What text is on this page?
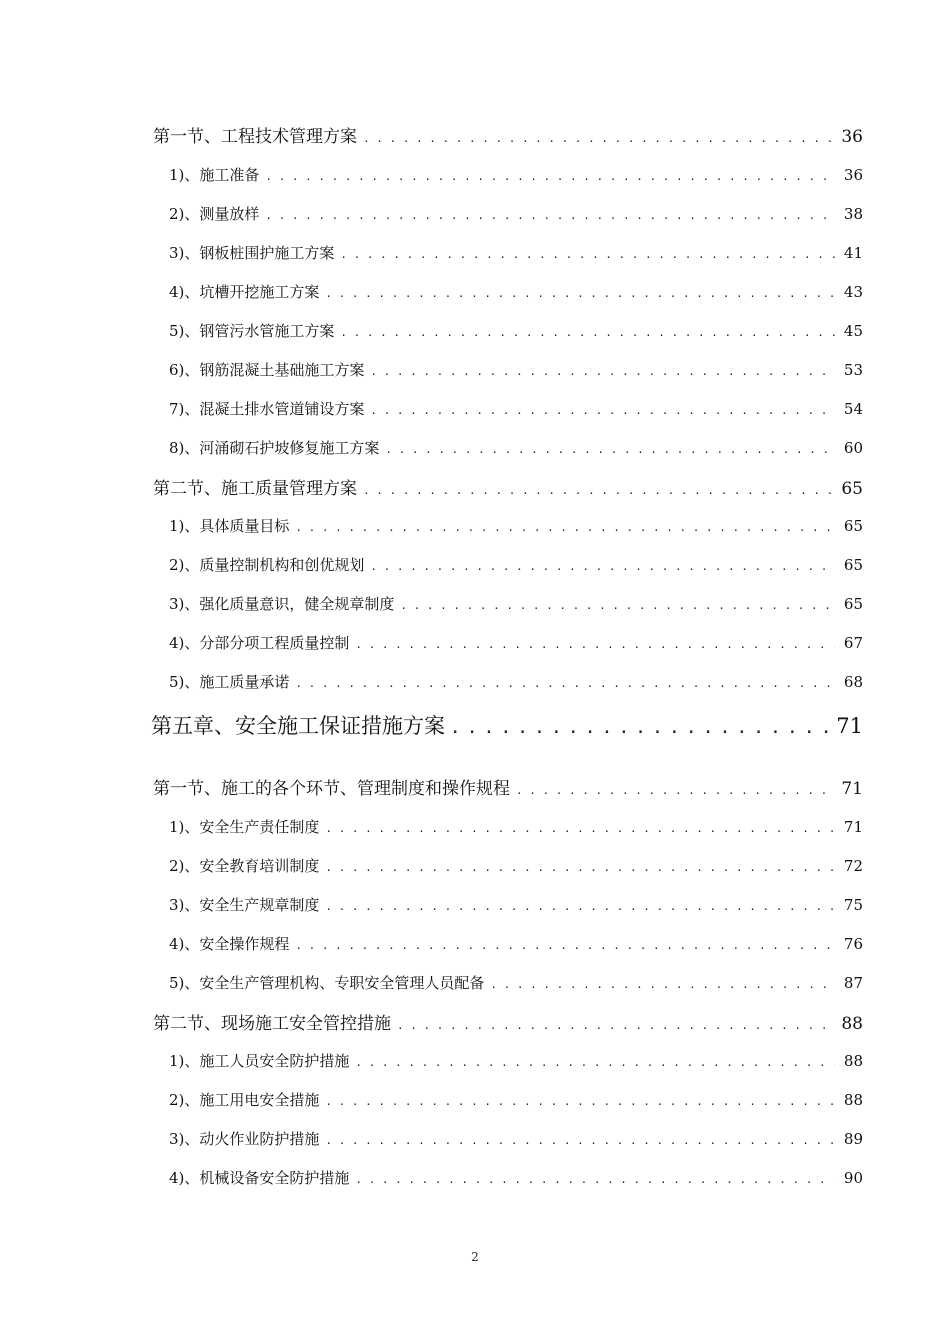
第一节、工程技术管理方案 . . .	36
1)、施工准备 . . .	36
2)、测量放样 . . .	38
3)、钢板桩围护施工方案 . . .	41
4)、坑槽开挖施工方案 . . .	43
5)、钢管污水管施工方案 . . .	45
6)、钢筋混凝土基础施工方案 . . .	53
7)、混凝土排水管道铺设方案 . . .	54
8)、河涌砌石护坡修复施工方案 . . .	60
第二节、施工质量管理方案 . . .	65
1)、具体质量目标 . . .	65
2)、质量控制机构和创优规划 . . .	65
3)、强化质量意识，健全规章制度 . . .	65
4)、分部分项工程质量控制 . . .	67
5)、施工质量承诺 . . .	68
第五章、安全施工保证措施方案 . . .	71
第一节、施工的各个环节、管理制度和操作规程 . . .	71
1)、安全生产责任制度 . . .	71
2)、安全教育培训制度 . . .	72
3)、安全生产规章制度 . . .	75
4)、安全操作规程 . . .	76
5)、安全生产管理机构、专职安全管理人员配备 . . .	87
第二节、现场施工安全管控措施 . . .	88
1)、施工人员安全防护措施 . . .	88
2)、施工用电安全措施 . . .	88
3)、动火作业防护措施 . . .	89
4)、机械设备安全防护措施 . . .	90
2
